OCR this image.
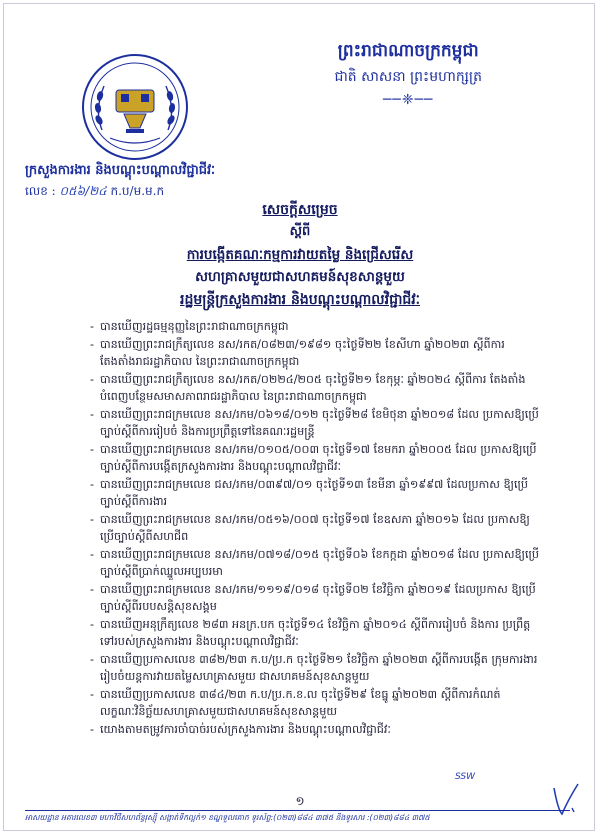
ព្រះរាជាណាចក្រកម្ពុជា
ជាតិ សាសនា ព្រះមហាក្សត្រ
──❈──
ក្រសួងការងារ និងបណ្តុះបណ្តាលវិជ្ជាជីវៈ
លេខ : ០៥៦/២៤ ក.ប/ម.ម.ក
សេចក្តីសម្រេច
ស្តីពី
ការបង្កើតគណៈកម្មការវាយតម្លៃ និងជ្រើសរើស
សហគ្រាសមួយជាសហគមន៍សុខសាន្តមួយ
រដ្ឋមន្ត្រីក្រសួងការងារ និងបណ្តុះបណ្តាលវិជ្ជាជីវៈ
- បានឃើញរដ្ឋធម្មនុញ្ញនៃព្រះរាជាណាចក្រកម្ពុជា
- បានឃើញព្រះរាជក្រឹត្យលេខ នស/រកត/០៨២៣/១៩៨១ ចុះថ្ងៃទី២២ ខែសីហា ឆ្នាំ២០២៣ ស្តីពីការ តែងតាំងរាជរដ្ឋាភិបាល នៃព្រះរាជាណាចក្រកម្ពុជា
- បានឃើញព្រះរាជក្រឹត្យលេខ នស/រកត/០២២៤/២០៥ ចុះថ្ងៃទី២១ ខែកុម្ភៈ ឆ្នាំ២០២៤ ស្តីពីការ តែងតាំងបំពេញបន្ថែមសមាសភាពរាជរដ្ឋាភិបាល នៃព្រះរាជាណាចក្រកម្ពុជា
- បានឃើញព្រះរាជក្រមលេខ នស/រកម/០៦១៨/០១២ ចុះថ្ងៃទី២៨ ខែមិថុនា ឆ្នាំ២០១៨ ដែល ប្រកាសឱ្យប្រើច្បាប់ស្តីពីការរៀបចំ និងការប្រព្រឹត្តទៅនៃគណៈរដ្ឋមន្ត្រី
- បានឃើញព្រះរាជក្រមលេខ នស/រកម/០១០៥/០០៣ ចុះថ្ងៃទី១៧ ខែមករា ឆ្នាំ២០០៥ ដែល ប្រកាសឱ្យប្រើច្បាប់ស្តីពីការបង្កើតក្រសួងការងារ និងបណ្តុះបណ្តាលវិជ្ជាជីវៈ
- បានឃើញព្រះរាជក្រមលេខ ជស/រកម/០៣៩៧/០១ ចុះថ្ងៃទី១៣ ខែមីនា ឆ្នាំ១៩៩៧ ដែលប្រកាស ឱ្យប្រើច្បាប់ស្តីពីការងារ
- បានឃើញព្រះរាជក្រមលេខ នស/រកម/០៥១៦/០០៧ ចុះថ្ងៃទី១៧ ខែឧសភា ឆ្នាំ២០១៦ ដែល ប្រកាសឱ្យប្រើច្បាប់ស្តីពីសហជីព
- បានឃើញព្រះរាជក្រមលេខ នស/រកម/០៧១៨/០១៥ ចុះថ្ងៃទី០៦ ខែកក្កដា ឆ្នាំ២០១៨ ដែល ប្រកាសឱ្យប្រើច្បាប់ស្តីពីប្រាក់ឈ្នួលអប្បបរមា
- បានឃើញព្រះរាជក្រមលេខ នស/រកម/១១១៩/០១៨ ចុះថ្ងៃទី០២ ខែវិច្ឆិកា ឆ្នាំ២០១៩ ដែលប្រកាស ឱ្យប្រើច្បាប់ស្តីពីរបបសន្តិសុខសង្គម
- បានឃើញអនុក្រឹត្យលេខ ២៨៣ អនក្រ.បក ចុះថ្ងៃទី១៤ ខែវិច្ឆិកា ឆ្នាំ២០១៤ ស្តីពីការរៀបចំ និងការ ប្រព្រឹត្តទៅរបស់ក្រសួងការងារ និងបណ្តុះបណ្តាលវិជ្ជាជីវៈ
- បានឃើញប្រកាសលេខ ៣៨២/២៣ ក.ប/ប្រ.ក ចុះថ្ងៃទី២១ ខែវិច្ឆិកា ឆ្នាំ២០២៣ ស្តីពីការបង្កើត ក្រុមការងាររៀបចំយន្តការវាយតម្លៃសហគ្រាសមួយ ជាសហគមន៍សុខសាន្តមួយ
- បានឃើញប្រកាសលេខ ៣៨៤/២៣ ក.ប/ប្រ.ក.ខ.ល ចុះថ្ងៃទី២៩ ខែធ្នូ ឆ្នាំ២០២៣ ស្តីពីការកំណត់ លក្ខណៈវិនិច្ឆ័យសហគ្រាសមួយជាសហគមន៍សុខសាន្តមួយ
- យោងតាមតម្រូវការចាំបាច់របស់ក្រសួងការងារ និងបណ្តុះបណ្តាលវិជ្ជាជីវៈ
SSW
១
អាសយដ្ឋាន អគារលេខ៣ មហាវិថីសហព័ន្ធរុស្ស៊ី សង្កាត់ទឹកល្អក់១ ខណ្ឌទួលគោក ទូរស័ព្ទ:(០២៣)៨៨៤ ៣៧៥ និងទូរសារ :(០២៣)៨៨៤ ៣៧៥
